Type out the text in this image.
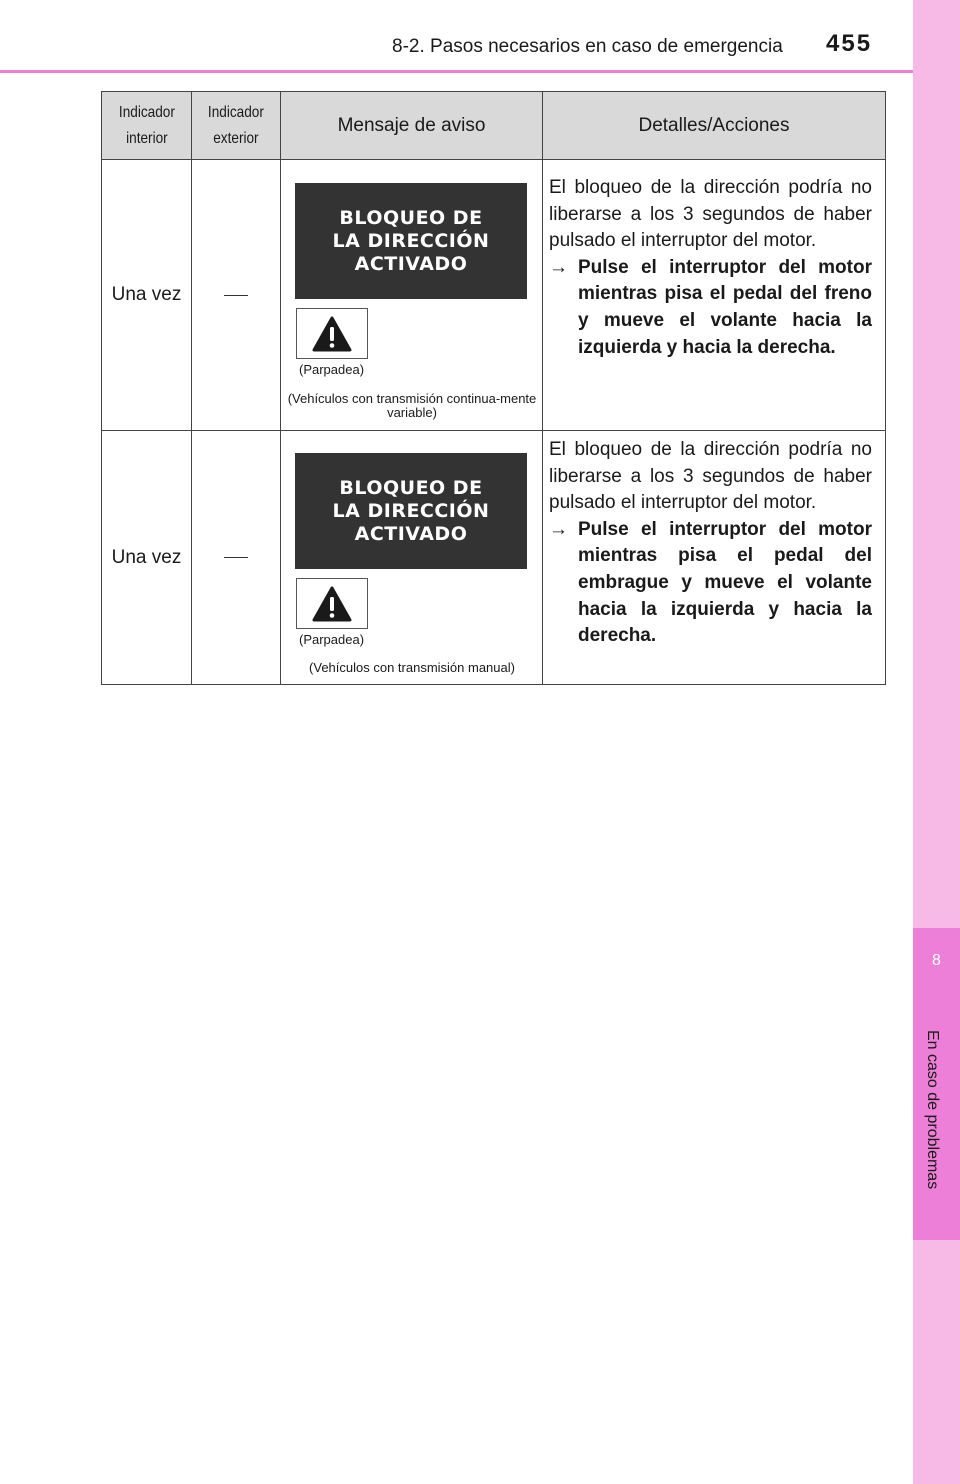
8-2. Pasos necesarios en caso de emergencia 455
8
En caso de problemas
Indicador
interior
Indicador
exterior
Mensaje de aviso	Detalles/Acciones
Una vez
BLOQUEO DE
LA DIRECCIÓN
ACTIVADO
(Parpadea)
(Vehículos con transmisión continua-mente variable)
El bloqueo de la dirección podría no liberarse a los 3 segundos de haber pulsado el interruptor del motor.
→ Pulse el interruptor del motor mientras pisa el pedal del freno y mueve el volante hacia la izquierda y hacia la derecha.
Una vez
BLOQUEO DE
LA DIRECCIÓN
ACTIVADO
(Parpadea)
(Vehículos con transmisión manual)
El bloqueo de la dirección podría no liberarse a los 3 segundos de haber pulsado el interruptor del motor.
→ Pulse el interruptor del motor mientras pisa el pedal del embrague y mueve el volante hacia la izquierda y hacia la derecha.
